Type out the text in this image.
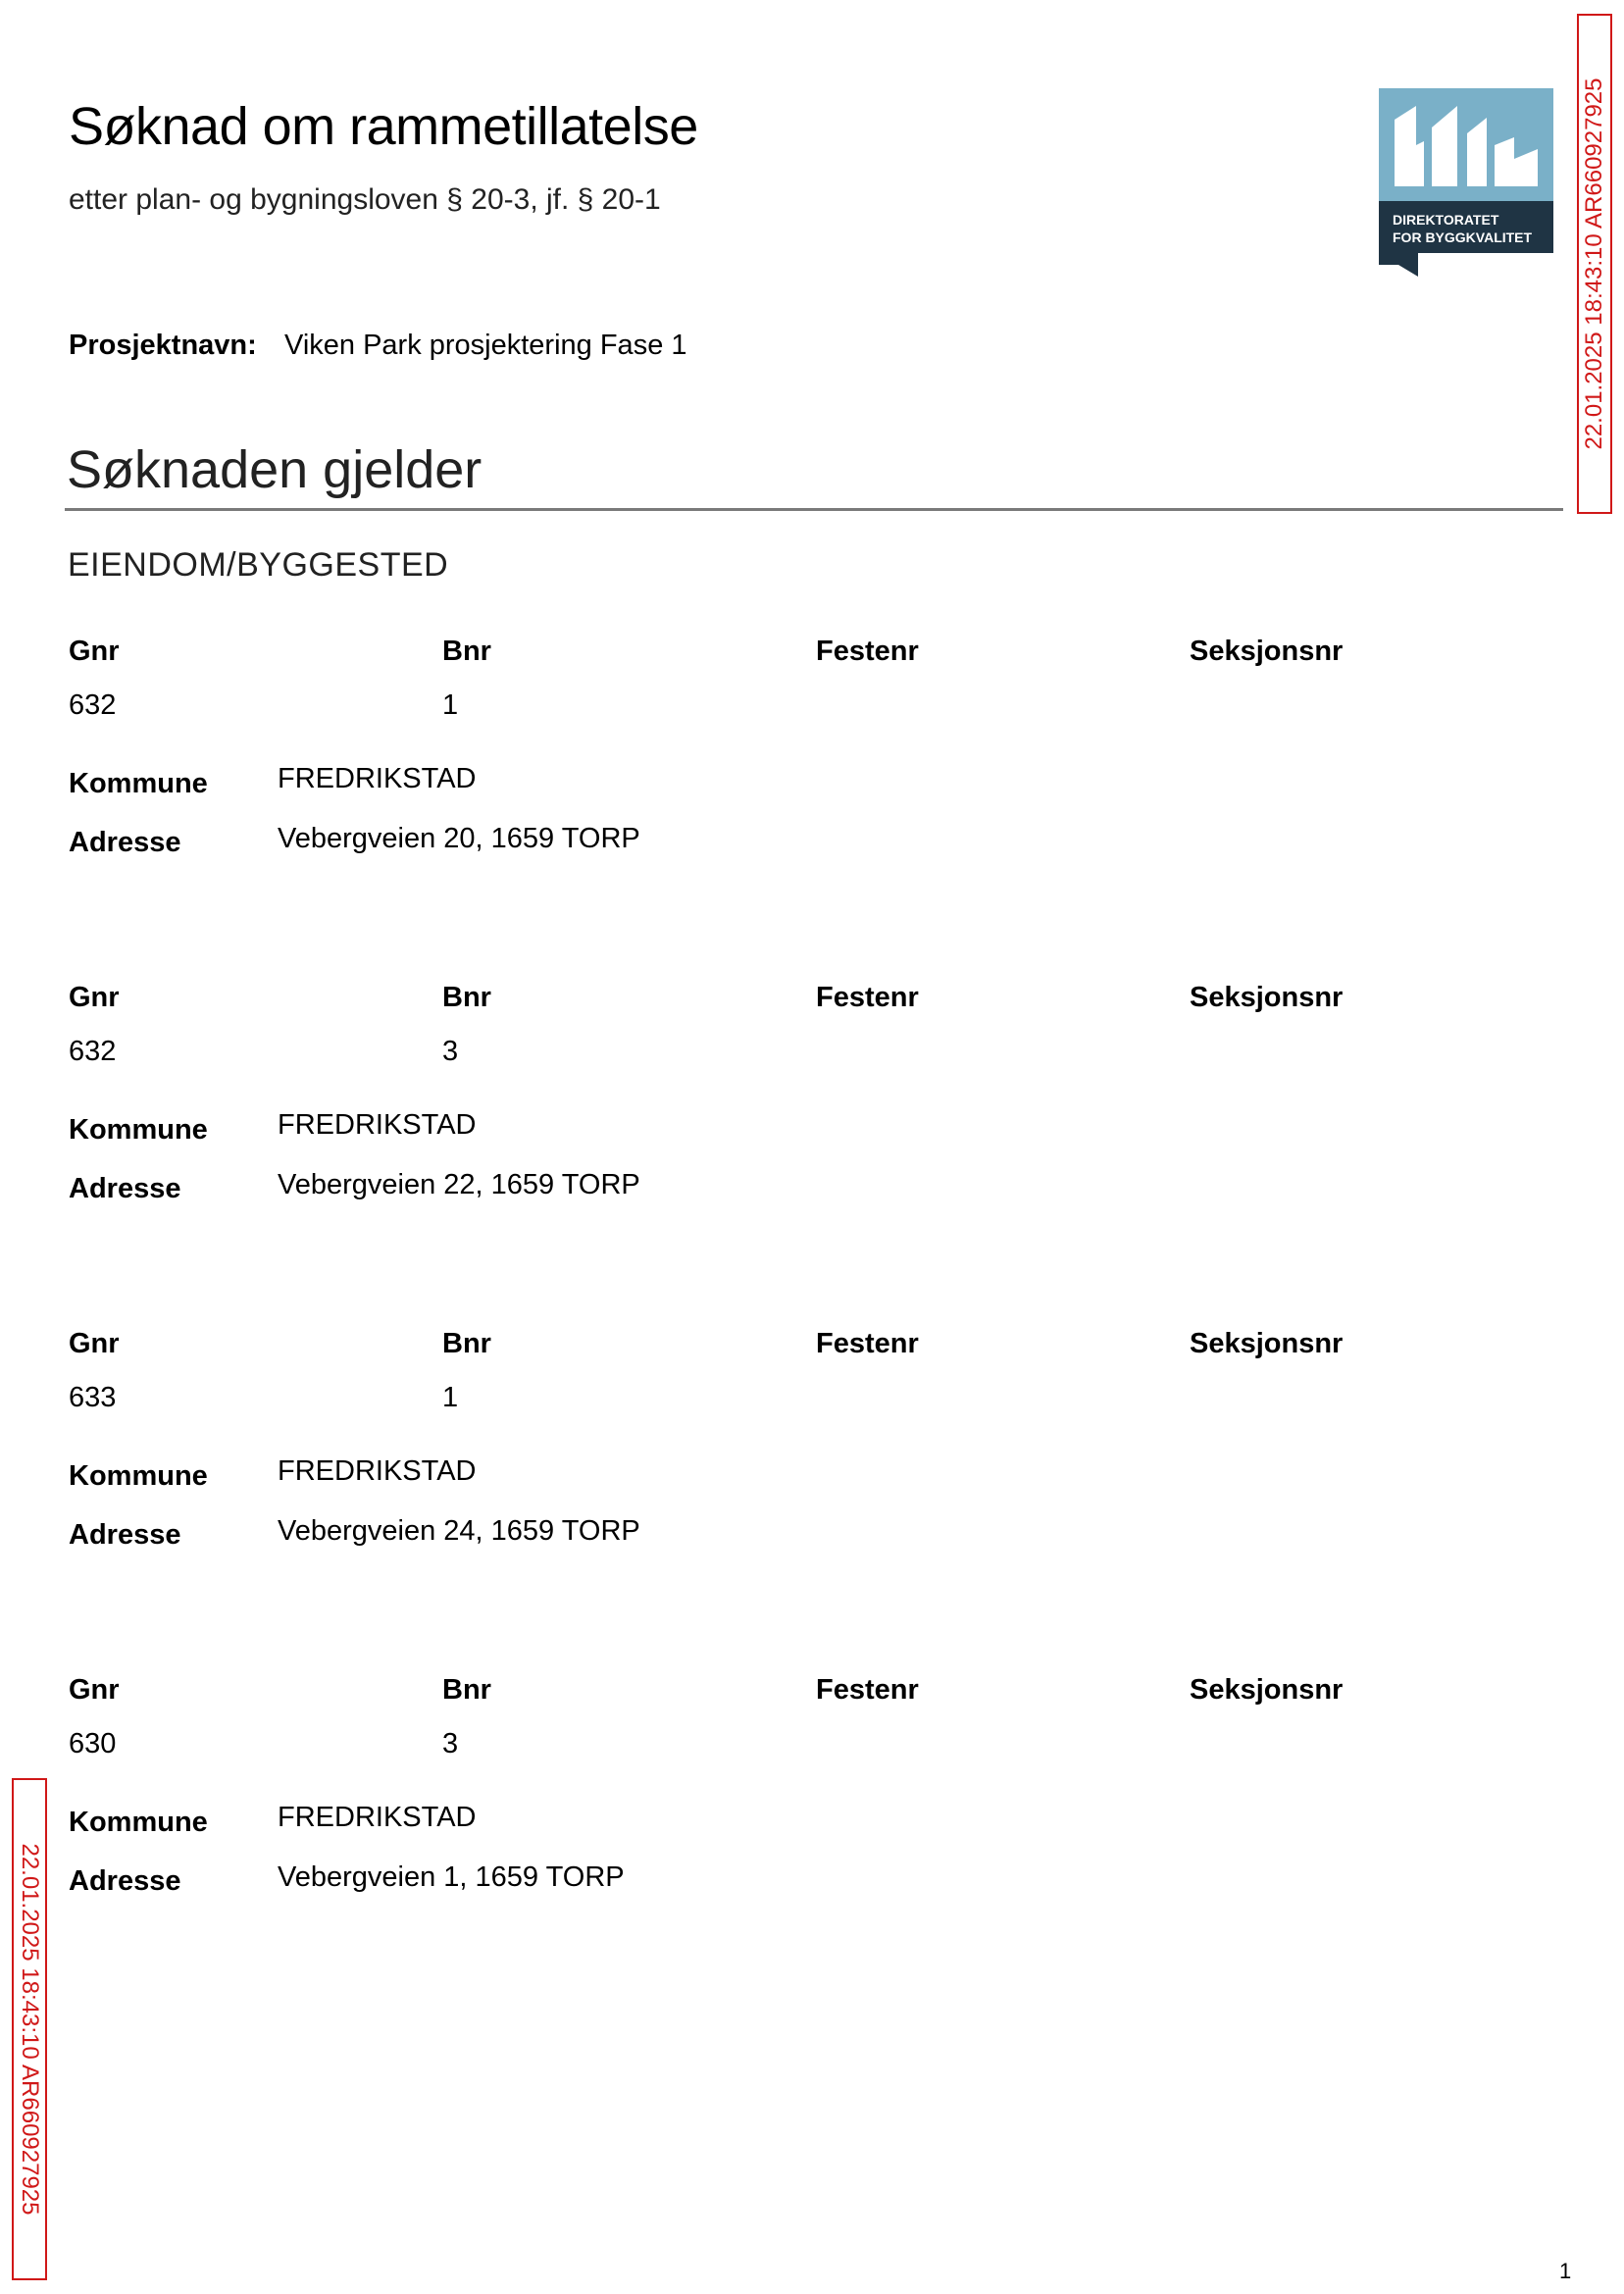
Søknad om rammetillatelse
etter plan- og bygningsloven § 20-3, jf. § 20-1
Prosjektnavn: Viken Park prosjektering Fase 1
Søknaden gjelder
EIENDOM/BYGGESTED
Gnr	Bnr	Festenr	Seksjonsnr
632	1
Kommune FREDRIKSTAD
Adresse	Vebergveien 20, 1659 TORP
Gnr	Bnr	Festenr	Seksjonsnr
632	3
Kommune FREDRIKSTAD
Adresse	Vebergveien 22, 1659 TORP
Gnr	Bnr	Festenr	Seksjonsnr
633	1
Kommune FREDRIKSTAD
Adresse	Vebergveien 24, 1659 TORP
Gnr	Bnr	Festenr	Seksjonsnr
630	3
Kommune FREDRIKSTAD
Adresse	Vebergveien 1, 1659 TORP
DIREKTORATET
FOR BYGGKVALITET 22.01.2025 18:43:10 AR660927925
22.01.2025 18:43:10 AR660927925
1
